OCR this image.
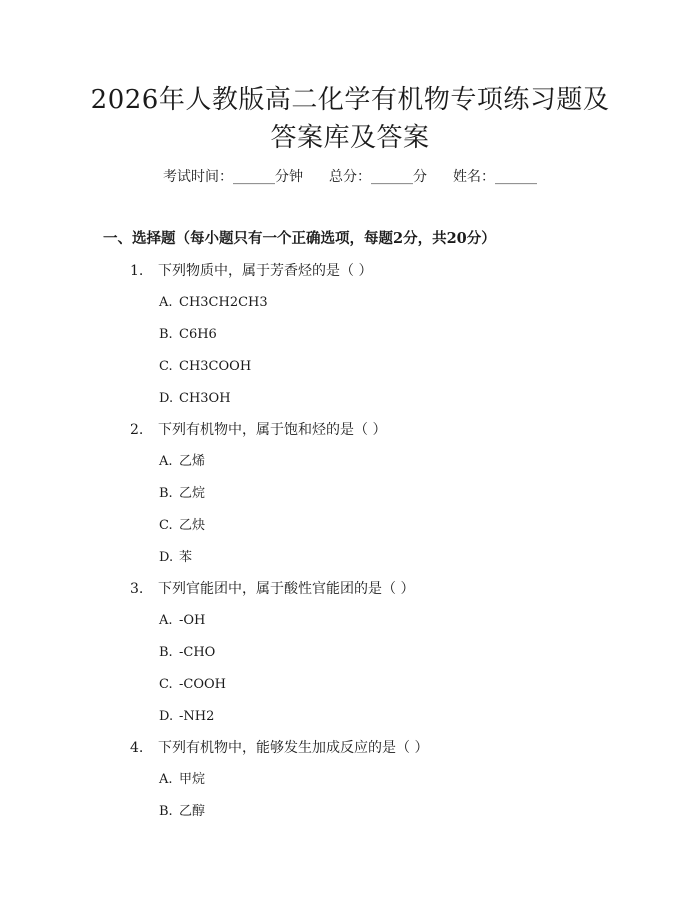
2026年人教版高二化学有机物专项练习题及
答案库及答案
考试时间：______分钟 总分：______分 姓名：______
一、选择题（每小题只有一个正确选项，每题2分，共20分）
1. 下列物质中，属于芳香烃的是（ ）
A. CH3CH2CH3
B. C6H6
C. CH3COOH
D. CH3OH
2. 下列有机物中，属于饱和烃的是（ ）
A. 乙烯
B. 乙烷
C. 乙炔
D. 苯
3. 下列官能团中，属于酸性官能团的是（ ）
A. -OH
B. -CHO
C. -COOH
D. -NH2
4. 下列有机物中，能够发生加成反应的是（ ）
A. 甲烷
B. 乙醇
